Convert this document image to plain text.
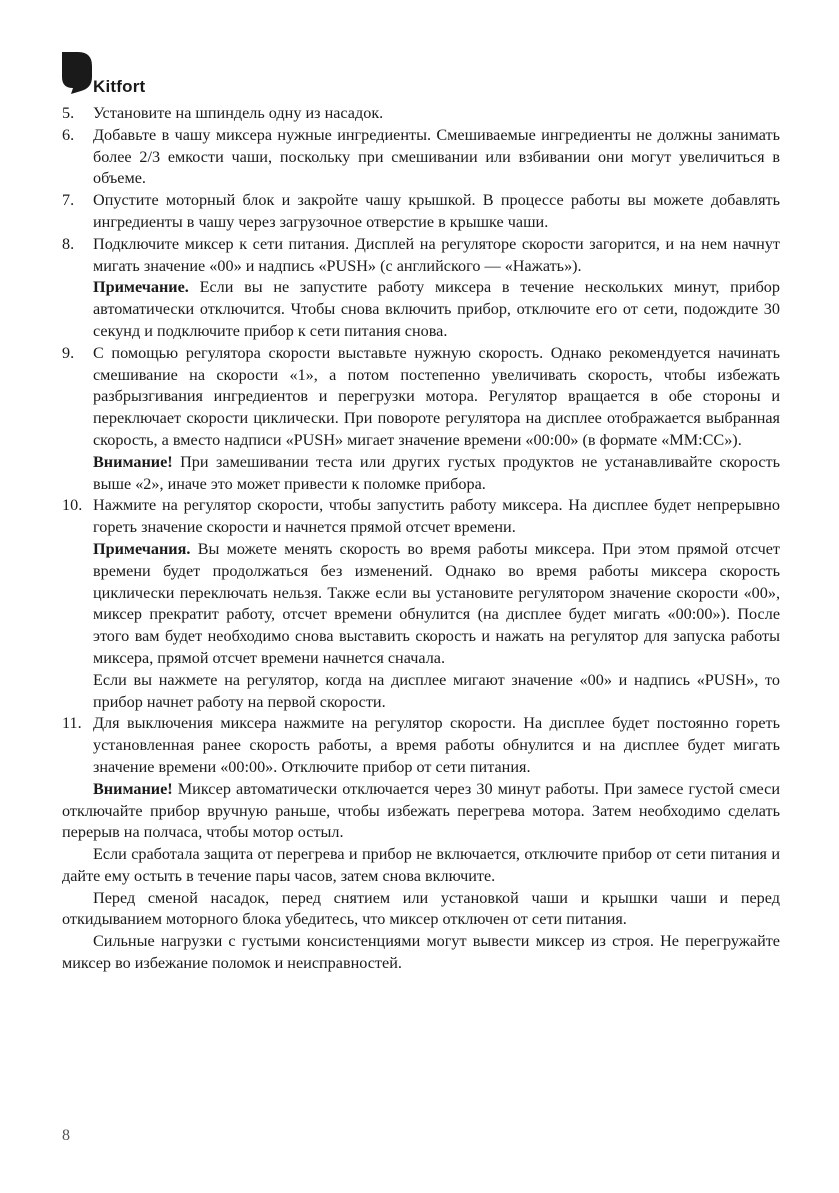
Kitfort
5. Установите на шпиндель одну из насадок.

6. Добавьте в чашу миксера нужные ингредиенты. Смешиваемые ингредиенты не должны занимать более 2/3 емкости чаши, поскольку при смешивании или взбивании они могут увеличиться в объеме.

7. Опустите моторный блок и закройте чашу крышкой. В процессе работы вы можете добавлять ингредиенты в чашу через загрузочное отверстие в крышке чаши.

8. Подключите миксер к сети питания. Дисплей на регуляторе скорости загорится, и на нем начнут мигать значение «00» и надпись «PUSH» (с английского — «Нажать»).

Примечание. Если вы не запустите работу миксера в течение нескольких минут, прибор автоматически отключится. Чтобы снова включить прибор, отключите его от сети, подождите 30 секунд и подключите прибор к сети питания снова.

9. С помощью регулятора скорости выставьте нужную скорость. Однако рекомендуется начинать смешивание на скорости «1», а потом постепенно увеличивать скорость, чтобы избежать разбрызгивания ингредиентов и перегрузки мотора. Регулятор вращается в обе стороны и переключает скорости циклически. При повороте регулятора на дисплее отображается выбранная скорость, а вместо надписи «PUSH» мигает значение времени «00:00» (в формате «ММ:СС»).

Внимание! При замешивании теста или других густых продуктов не устанавливайте скорость выше «2», иначе это может привести к поломке прибора.

10. Нажмите на регулятор скорости, чтобы запустить работу миксера. На дисплее будет непрерывно гореть значение скорости и начнется прямой отсчет времени.

Примечания. Вы можете менять скорость во время работы миксера. При этом прямой отсчет времени будет продолжаться без изменений. Однако во время работы миксера скорость циклически переключать нельзя. Также если вы установите регулятором значение скорости «00», миксер прекратит работу, отсчет времени обнулится (на дисплее будет мигать «00:00»). После этого вам будет необходимо снова выставить скорость и нажать на регулятор для запуска работы миксера, прямой отсчет времени начнется сначала.

Если вы нажмете на регулятор, когда на дисплее мигают значение «00» и надпись «PUSH», то прибор начнет работу на первой скорости.

11. Для выключения миксера нажмите на регулятор скорости. На дисплее будет постоянно гореть установленная ранее скорость работы, а время работы обнулится и на дисплее будет мигать значение времени «00:00». Отключите прибор от сети питания.

Внимание! Миксер автоматически отключается через 30 минут работы. При замесе густой смеси отключайте прибор вручную раньше, чтобы избежать перегрева мотора. Затем необходимо сделать перерыв на полчаса, чтобы мотор остыл.

Если сработала защита от перегрева и прибор не включается, отключите прибор от сети питания и дайте ему остыть в течение пары часов, затем снова включите.

Перед сменой насадок, перед снятием или установкой чаши и крышки чаши и перед откидыванием моторного блока убедитесь, что миксер отключен от сети питания.

Сильные нагрузки с густыми консистенциями могут вывести миксер из строя. Не перегружайте миксер во избежание поломок и неисправностей.

8
